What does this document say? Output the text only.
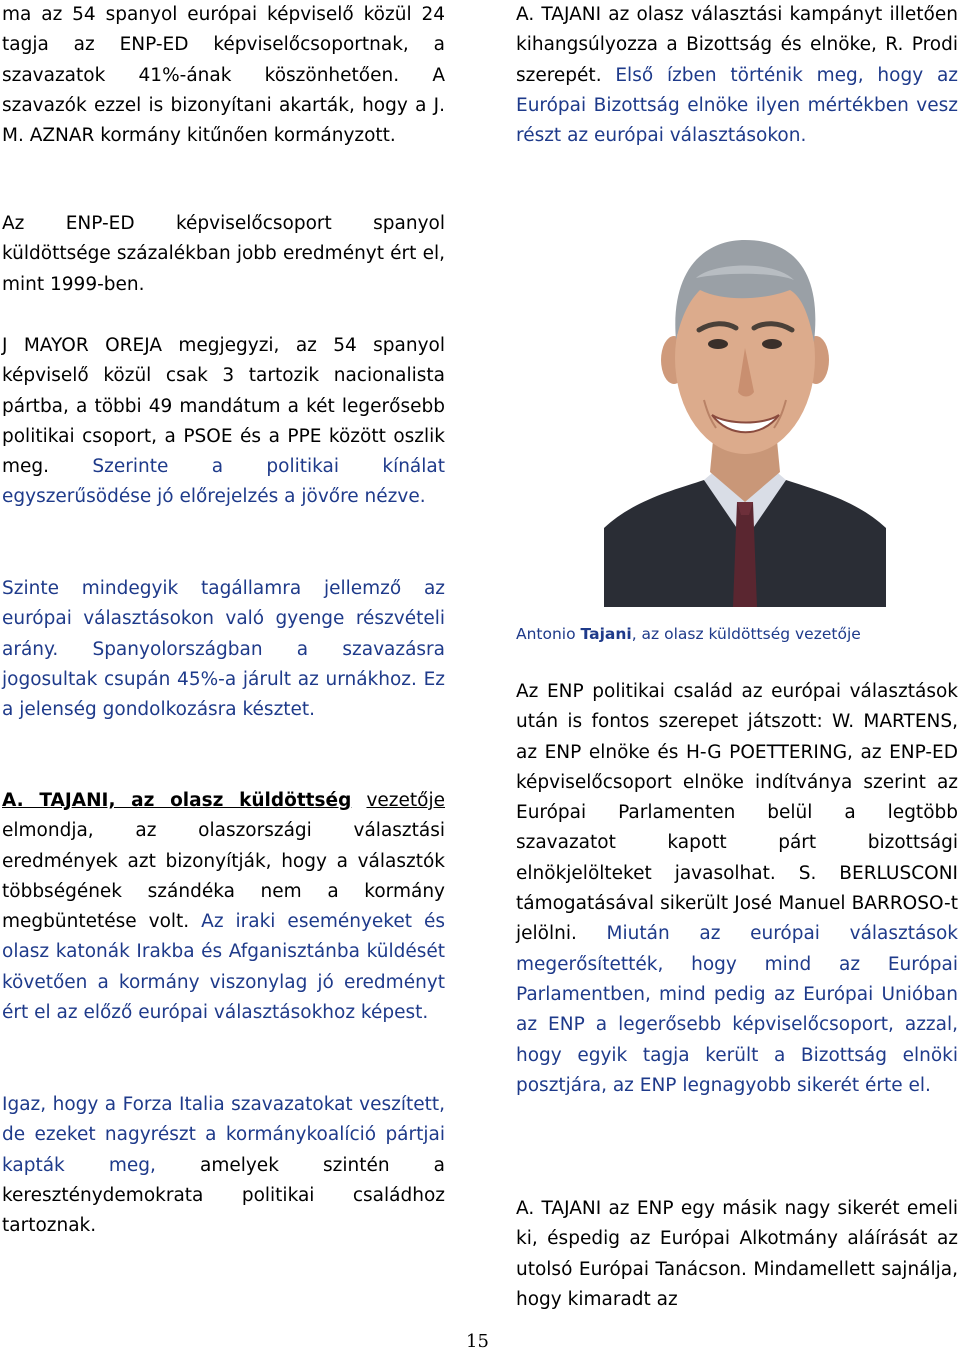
ma az 54 spanyol európai képviselő közül 24 tagja az ENP-ED képviselőcsoportnak, a szavazatok 41%-ának köszönhetően. A szavazók ezzel is bizonyítani akarták, hogy a J. M. AZNAR kormány kitűnően kormányzott.

Az ENP-ED képviselőcsoport spanyol küldöttsége százalékban jobb eredményt ért el, mint 1999-ben.

J MAYOR OREJA megjegyzi, az 54 spanyol képviselő közül csak 3 tartozik nacionalista pártba, a többi 49 mandátum a két legerősebb politikai csoport, a PSOE és a PPE között oszlik meg. Szerinte a politikai kínálat egyszerűsödése jó előrejelzés a jövőre nézve.

Szinte mindegyik tagállamra jellemző az európai választásokon való gyenge részvételi arány. Spanyolországban a szavazásra jogosultak csupán 45%-a járult az urnákhoz. Ez a jelenség gondolkozásra késztet.

A. TAJANI, az olasz küldöttség vezetője elmondja, az olaszországi választási eredmények azt bizonyítják, hogy a választók többségének szándéka nem a kormány megbüntetése volt. Az iraki eseményeket és olasz katonák Irakba és Afganisztánba küldését követően a kormány viszonylag jó eredményt ért el az előző európai választásokhoz képest.

Igaz, hogy a Forza Italia szavazatokat veszített, de ezeket nagyrészt a kormánykoalíció pártjai kapták meg, amelyek szintén a kereszténydemokrata politikai családhoz tartoznak.

A. TAJANI az olasz választási kampányt illetően kihangsúlyozza a Bizottság és elnöke, R. Prodi szerepét. Első ízben történik meg, hogy az Európai Bizottság elnöke ilyen mértékben vesz részt az európai választásokon.

Antonio Tajani, az olasz küldöttség vezetője

Az ENP politikai család az európai választások után is fontos szerepet játszott: W. MARTENS, az ENP elnöke és H-G POETTERING, az ENP-ED képviselőcsoport elnöke indítványa szerint az Európai Parlamenten belül a legtöbb szavazatot kapott párt bizottsági elnökjelölteket javasolhat. S. BERLUSCONI támogatásával sikerült José Manuel BARROSO-t jelölni. Miután az európai választások megerősítették, hogy mind az Európai Parlamentben, mind pedig az Európai Unióban az ENP a legerősebb képviselőcsoport, azzal, hogy egyik tagja került a Bizottság elnöki posztjára, az ENP legnagyobb sikerét érte el.

A. TAJANI az ENP egy másik nagy sikerét emeli ki, éspedig az Európai Alkotmány aláírását az utolsó Európai Tanácson. Mindamellett sajnálja, hogy kimaradt az

15
